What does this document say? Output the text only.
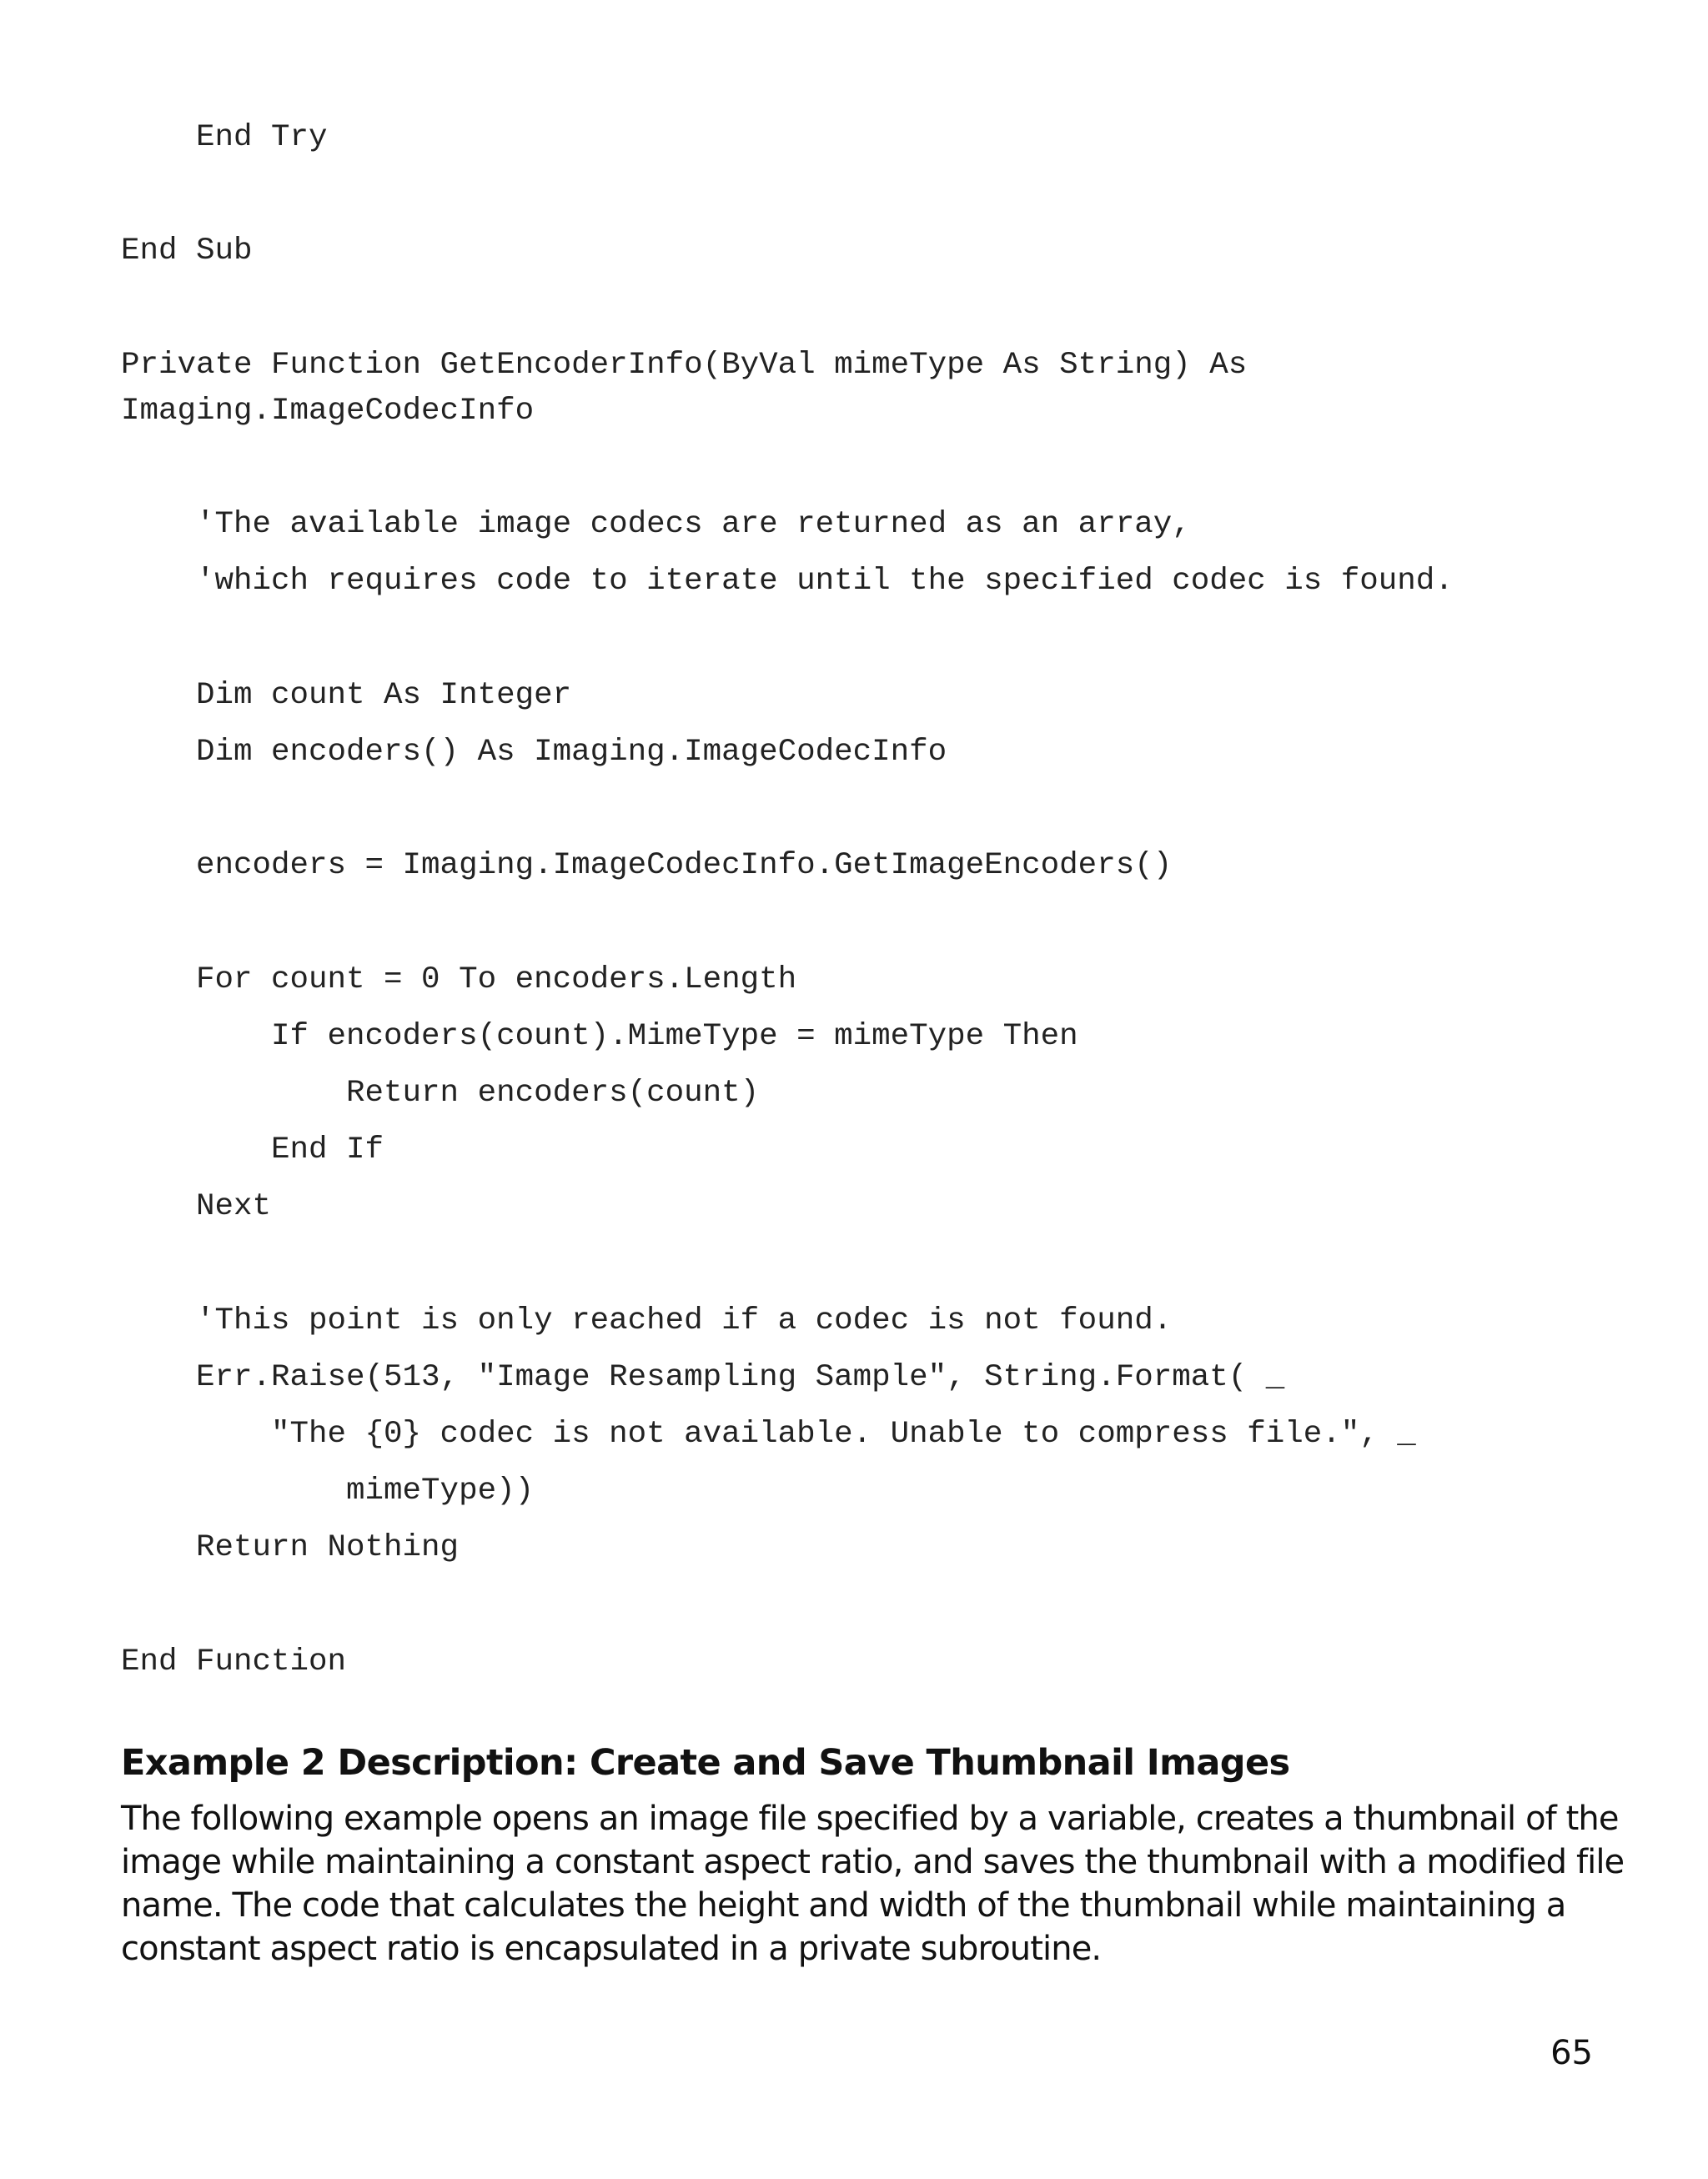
End Try
End Sub
Private Function GetEncoderInfo(ByVal mimeType As String) As
Imaging.ImageCodecInfo
'The available image codecs are returned as an array,
'which requires code to iterate until the specified codec is found.
Dim count As Integer
Dim encoders() As Imaging.ImageCodecInfo
encoders = Imaging.ImageCodecInfo.GetImageEncoders()
For count = 0 To encoders.Length
If encoders(count).MimeType = mimeType Then
Return encoders(count)
End If
Next
'This point is only reached if a codec is not found.
Err.Raise(513, "Image Resampling Sample", String.Format( _
"The {0} codec is not available. Unable to compress file.", _
mimeType))
Return Nothing
End Function
Example 2 Description: Create and Save Thumbnail Images

The following example opens an image file specified by a variable, creates a thumbnail of the

image while maintaining a constant aspect ratio, and saves the thumbnail with a modified file

name. The code that calculates the height and width of the thumbnail while maintaining a

constant aspect ratio is encapsulated in a private subroutine.

65
